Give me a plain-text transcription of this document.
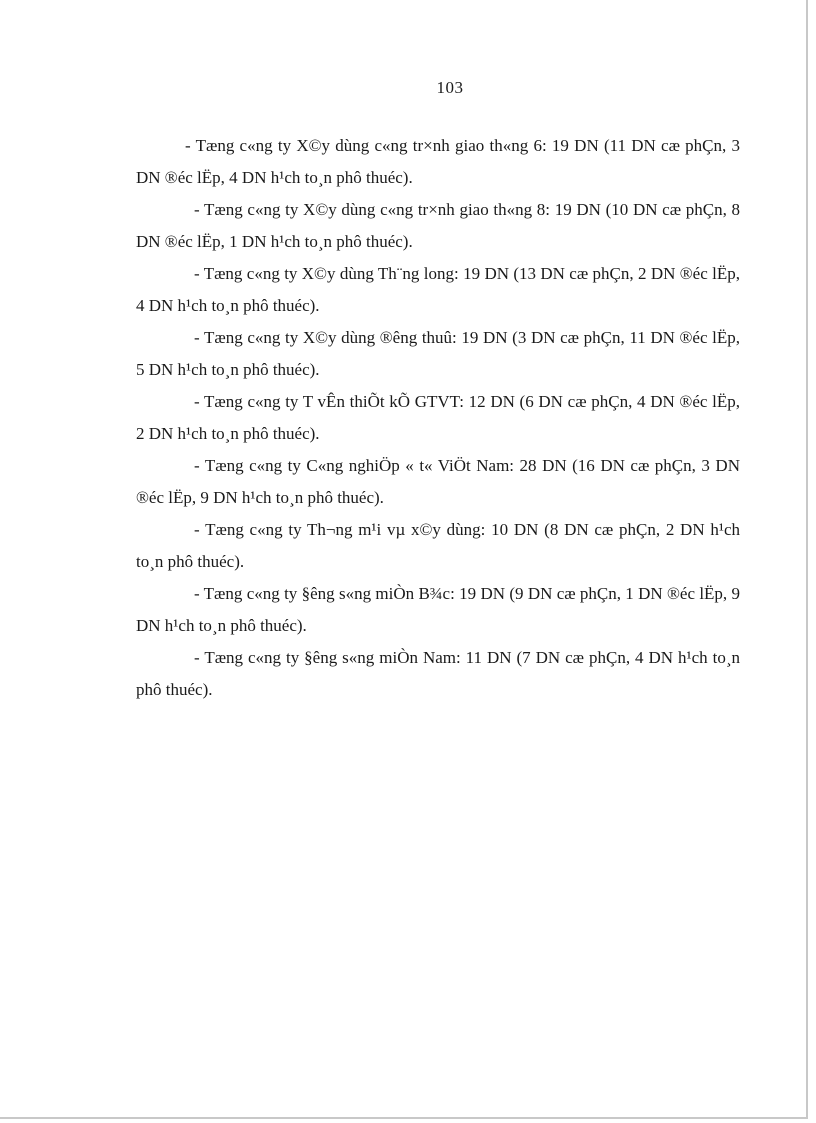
103

- Tæng c«ng ty X©y dùng c«ng tr×nh giao th«ng 6: 19 DN (11 DN cæ phÇn, 3 DN ®éc lËp, 4 DN h¹ch to¸n phô thuéc).

- Tæng c«ng ty X©y dùng c«ng tr×nh giao th«ng 8: 19 DN (10 DN cæ phÇn, 8 DN ®éc lËp, 1 DN h¹ch to¸n phô thuéc).

- Tæng c«ng ty X©y dùng Th¨ng long: 19 DN (13 DN cæ phÇn, 2 DN ®éc lËp, 4 DN h¹ch to¸n phô thuéc).

- Tæng c«ng ty X©y dùng ®êng thuû: 19 DN (3 DN cæ phÇn, 11 DN ®éc lËp, 5 DN h¹ch to¸n phô thuéc).

- Tæng c«ng ty T vÊn thiÕt kÕ GTVT: 12 DN (6 DN cæ phÇn, 4 DN ®éc lËp, 2 DN h¹ch to¸n phô thuéc).

- Tæng c«ng ty C«ng nghiÖp « t« ViÖt Nam: 28 DN (16 DN cæ phÇn, 3 DN ®éc lËp, 9 DN h¹ch to¸n phô thuéc).

- Tæng c«ng ty Th¬ng m¹i vµ x©y dùng: 10 DN (8 DN cæ phÇn, 2 DN h¹ch to¸n phô thuéc).

- Tæng c«ng ty §êng s«ng miÒn B¾c: 19 DN (9 DN cæ phÇn, 1 DN ®éc lËp, 9 DN h¹ch to¸n phô thuéc).

- Tæng c«ng ty §êng s«ng miÒn Nam: 11 DN (7 DN cæ phÇn, 4 DN h¹ch to¸n phô thuéc).
